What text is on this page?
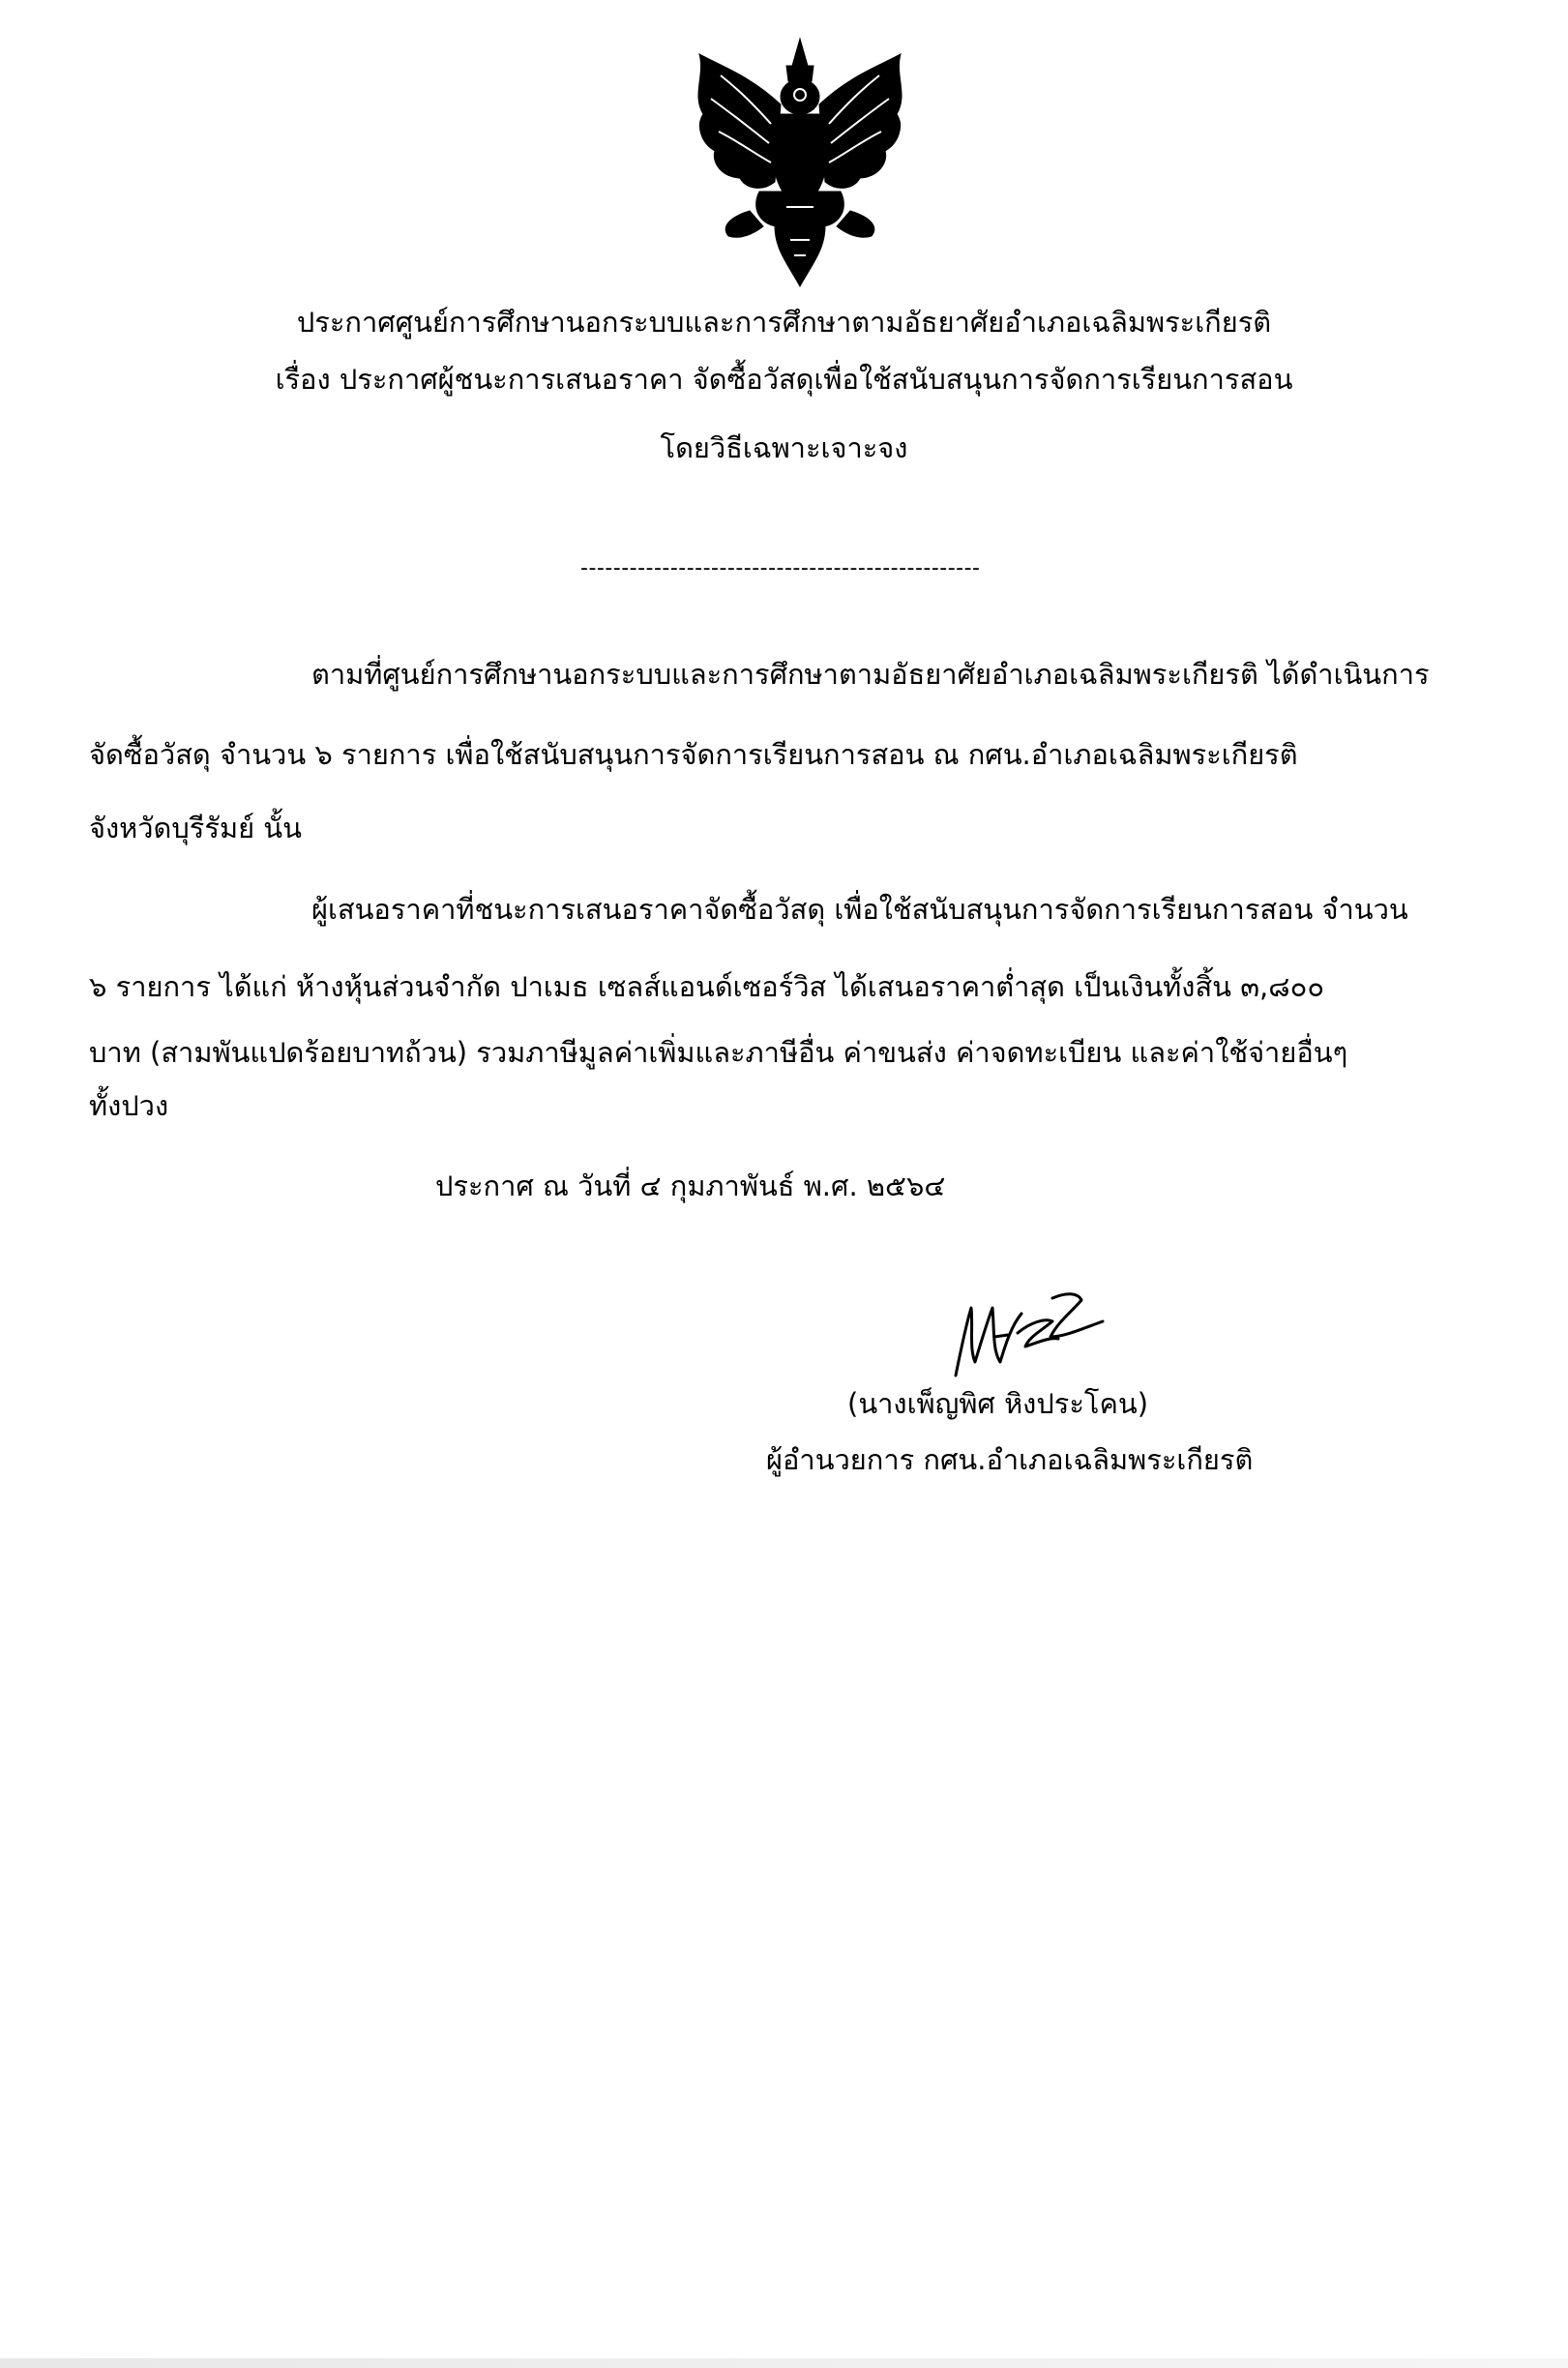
ประกาศศูนย์การศึกษานอกระบบและการศึกษาตามอัธยาศัยอำเภอเฉลิมพระเกียรติ
เรื่อง ประกาศผู้ชนะการเสนอราคา จัดซื้อวัสดุเพื่อใช้สนับสนุนการจัดการเรียนการสอน
โดยวิธีเฉพาะเจาะจง
-------------------------------------------------
ตามที่ศูนย์การศึกษานอกระบบและการศึกษาตามอัธยาศัยอำเภอเฉลิมพระเกียรติ ได้ดำเนินการ
จัดซื้อวัสดุ จำนวน ๖ รายการ เพื่อใช้สนับสนุนการจัดการเรียนการสอน ณ กศน.อำเภอเฉลิมพระเกียรติ
จังหวัดบุรีรัมย์ นั้น
ผู้เสนอราคาที่ชนะการเสนอราคาจัดซื้อวัสดุ เพื่อใช้สนับสนุนการจัดการเรียนการสอน จำนวน
๖ รายการ ได้แก่ ห้างหุ้นส่วนจำกัด ปาเมธ เซลส์แอนด์เซอร์วิส ได้เสนอราคาต่ำสุด เป็นเงินทั้งสิ้น ๓,๘๐๐
บาท (สามพันแปดร้อยบาทถ้วน) รวมภาษีมูลค่าเพิ่มและภาษีอื่น ค่าขนส่ง ค่าจดทะเบียน และค่าใช้จ่ายอื่นๆ
ทั้งปวง
ประกาศ ณ วันที่ ๔ กุมภาพันธ์ พ.ศ. ๒๕๖๔
(นางเพ็ญพิศ หิงประโคน)
ผู้อำนวยการ กศน.อำเภอเฉลิมพระเกียรติ
